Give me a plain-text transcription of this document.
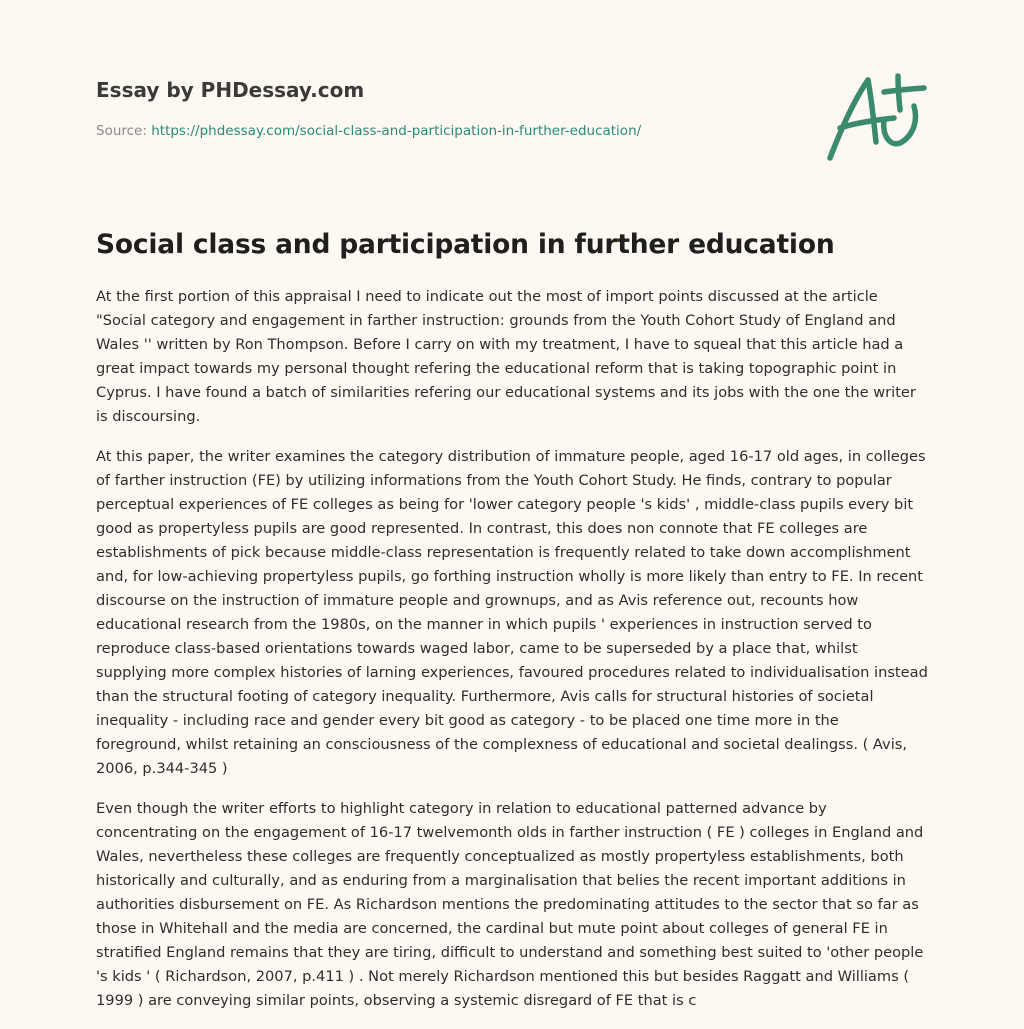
Essay by PHDessay.com
Source: https://phdessay.com/social-class-and-participation-in-further-education/
Social class and participation in further education

At the first portion of this appraisal I need to indicate out the most of import points discussed at the article "Social category and engagement in farther instruction: grounds from the Youth Cohort Study of England and Wales '' written by Ron Thompson. Before I carry on with my treatment, I have to squeal that this article had a great impact towards my personal thought refering the educational reform that is taking topographic point in Cyprus. I have found a batch of similarities refering our educational systems and its jobs with the one the writer is discoursing.

At this paper, the writer examines the category distribution of immature people, aged 16-17 old ages, in colleges of farther instruction (FE) by utilizing informations from the Youth Cohort Study. He finds, contrary to popular perceptual experiences of FE colleges as being for 'lower category people 's kids' , middle-class pupils every bit good as propertyless pupils are good represented. In contrast, this does non connote that FE colleges are establishments of pick because middle-class representation is frequently related to take down accomplishment and, for low-achieving propertyless pupils, go forthing instruction wholly is more likely than entry to FE. In recent discourse on the instruction of immature people and grownups, and as Avis reference out, recounts how educational research from the 1980s, on the manner in which pupils ' experiences in instruction served to reproduce class-based orientations towards waged labor, came to be superseded by a place that, whilst supplying more complex histories of larning experiences, favoured procedures related to individualisation instead than the structural footing of category inequality. Furthermore, Avis calls for structural histories of societal inequality - including race and gender every bit good as category - to be placed one time more in the foreground, whilst retaining an consciousness of the complexness of educational and societal dealingss. ( Avis, 2006, p.344-345 )

Even though the writer efforts to highlight category in relation to educational patterned advance by concentrating on the engagement of 16-17 twelvemonth olds in farther instruction ( FE ) colleges in England and Wales, nevertheless these colleges are frequently conceptualized as mostly propertyless establishments, both historically and culturally, and as enduring from a marginalisation that belies the recent important additions in authorities disbursement on FE. As Richardson mentions the predominating attitudes to the sector that so far as those in Whitehall and the media are concerned, the cardinal but mute point about colleges of general FE in stratified England remains that they are tiring, difficult to understand and something best suited to 'other people 's kids ' ( Richardson, 2007, p.411 ) . Not merely Richardson mentioned this but besides Raggatt and Williams ( 1999 ) are conveying similar points, observing a systemic disregard of FE that is c
